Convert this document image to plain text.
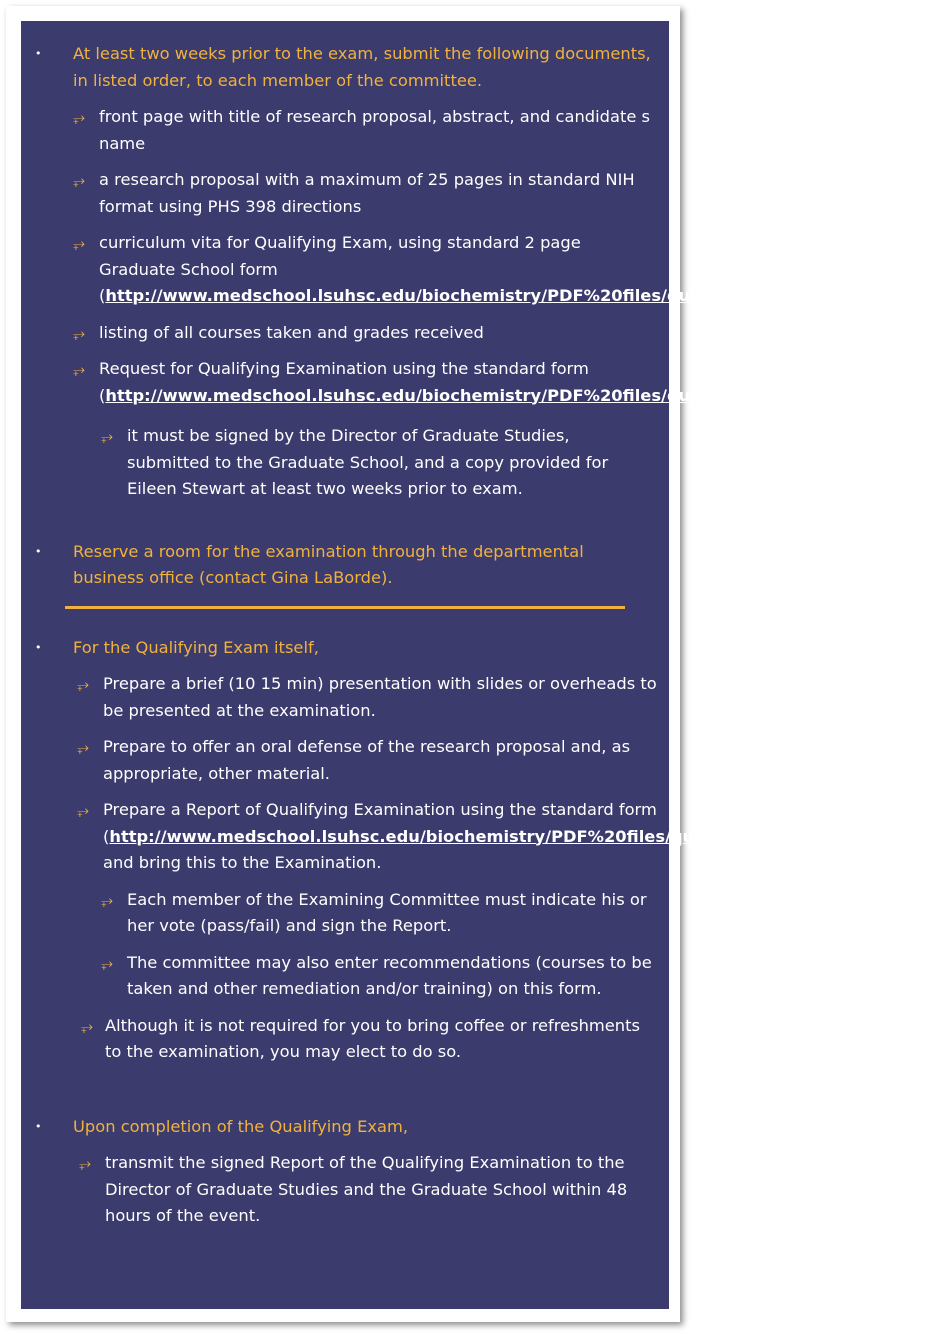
•	At least two weeks prior to the exam, submit the following documents, in listed order, to each member of the committee.
⥅ front page with title of research proposal, abstract, and candidate s name
⥅ a research proposal with a maximum of 25 pages in standard NIH format using PHS 398 directions
⥅ curriculum vita for Qualifying Exam, using standard 2 page Graduate School form (http://www.medschool.lsuhsc.edu/biochemistry/PDF%20files/qualifying_exam_forms.pdf)
⥅ listing of all courses taken and grades received
⥅ Request for Qualifying Examination using the standard form (http://www.medschool.lsuhsc.edu/biochemistry/PDF%20files/qualifying_exam_forms.pdf)
⥅ it must be signed by the Director of Graduate Studies, submitted to the Graduate School, and a copy provided for Eileen Stewart at least two weeks prior to exam.
•	Reserve a room for the examination through the departmental business office (contact Gina LaBorde).
•	For the Qualifying Exam itself,
⥅ Prepare a brief (10 15 min) presentation with slides or overheads to be presented at the examination.
⥅ Prepare to offer an oral defense of the research proposal and, as appropriate, other material.
⥅ Prepare a Report of Qualifying Examination using the standard form (http://www.medschool.lsuhsc.edu/biochemistry/PDF%20files/qualifying_exam_forms.pdf) and bring this to the Examination.
⥅ Each member of the Examining Committee must indicate his or her vote (pass/fail) and sign the Report.
⥅ The committee may also enter recommendations (courses to be taken and other remediation and/or training) on this form.
⥅ Although it is not required for you to bring coffee or refreshments to the examination, you may elect to do so.
•	Upon completion of the Qualifying Exam,
⥅ transmit the signed Report of the Qualifying Examination to the Director of Graduate Studies and the Graduate School within 48 hours of the event.
